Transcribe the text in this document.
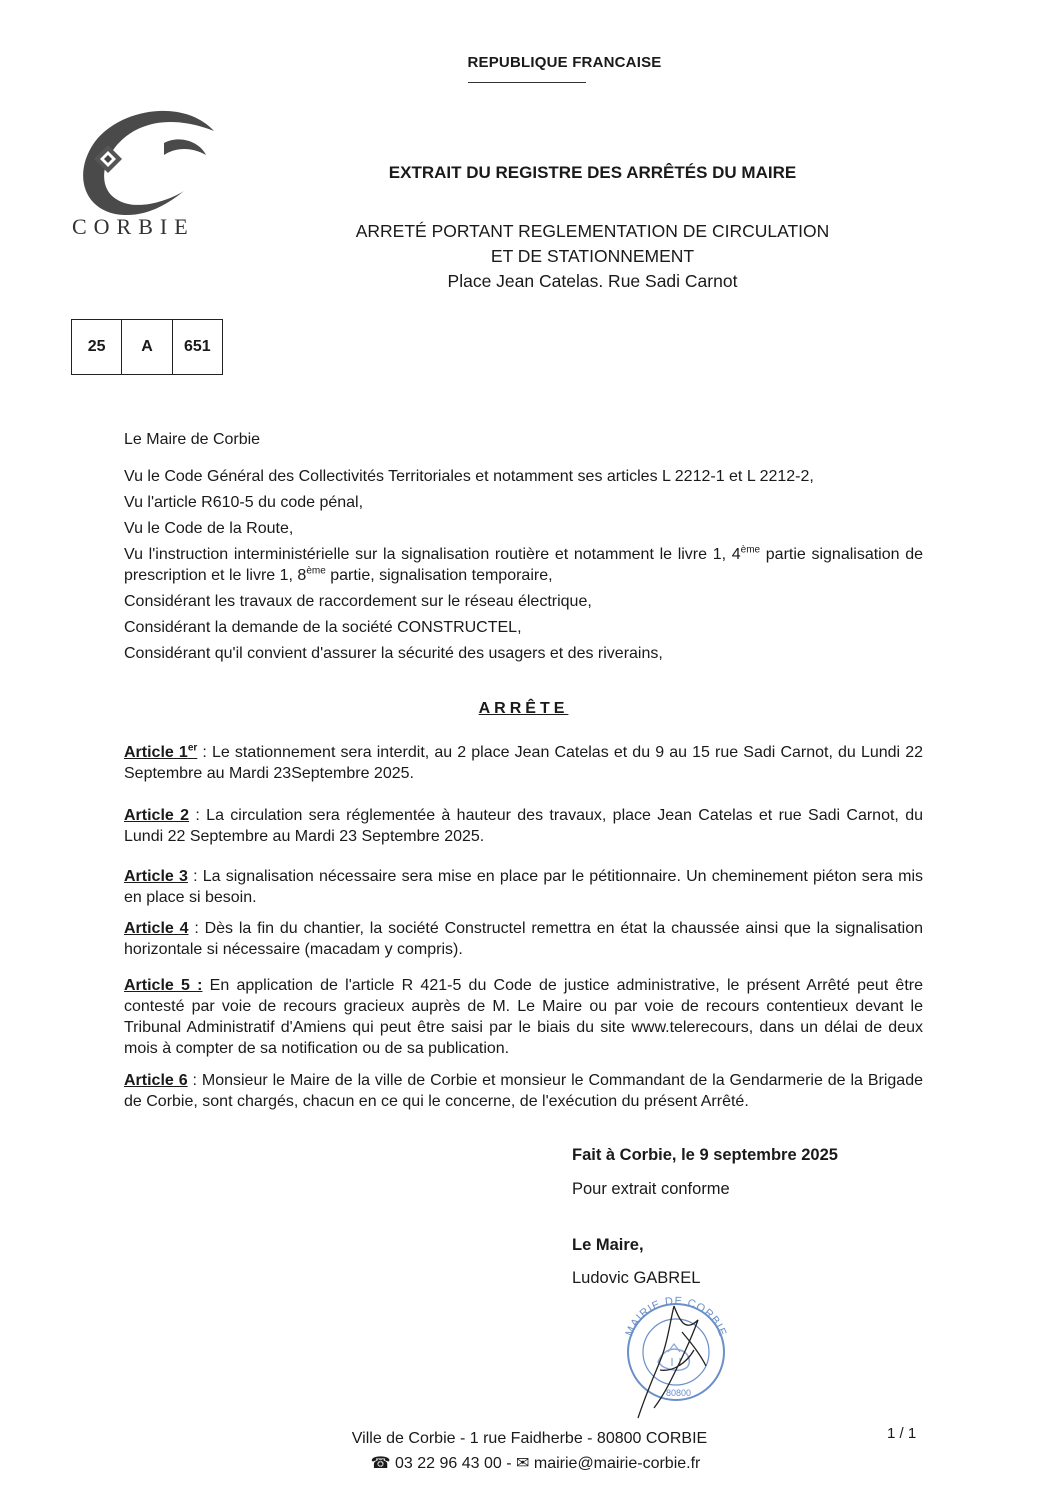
REPUBLIQUE FRANCAISE
CORBIE
EXTRAIT DU REGISTRE DES ARRÊTÉS DU MAIRE
ARRETÉ PORTANT REGLEMENTATION DE CIRCULATION
ET DE STATIONNEMENT
Place Jean Catelas. Rue Sadi Carnot
25	A	651

Le Maire de Corbie

Vu le Code Général des Collectivités Territoriales et notamment ses articles L 2212-1 et L 2212-2,

Vu l'article R610-5 du code pénal,

Vu le Code de la Route,

Vu l'instruction interministérielle sur la signalisation routière et notamment le livre 1, 4ème partie signalisation de prescription et le livre 1, 8ème partie, signalisation temporaire,

Considérant les travaux de raccordement sur le réseau électrique,

Considérant la demande de la société CONSTRUCTEL,

Considérant qu'il convient d'assurer la sécurité des usagers et des riverains,

ARRÊTE
Article 1er : Le stationnement sera interdit, au 2 place Jean Catelas et du 9 au 15 rue Sadi Carnot, du Lundi 22 Septembre au Mardi 23Septembre 2025.
Article 2 : La circulation sera réglementée à hauteur des travaux, place Jean Catelas et rue Sadi Carnot, du Lundi 22 Septembre au Mardi 23 Septembre 2025.
Article 3 : La signalisation nécessaire sera mise en place par le pétitionnaire. Un cheminement piéton sera mis en place si besoin.
Article 4 : Dès la fin du chantier, la société Constructel remettra en état la chaussée ainsi que la signalisation horizontale si nécessaire (macadam y compris).
Article 5 : En application de l'article R 421-5 du Code de justice administrative, le présent Arrêté peut être contesté par voie de recours gracieux auprès de M. Le Maire ou par voie de recours contentieux devant le Tribunal Administratif d'Amiens qui peut être saisi par le biais du site www.telerecours, dans un délai de deux mois à compter de sa notification ou de sa publication.
Article 6 : Monsieur le Maire de la ville de Corbie et monsieur le Commandant de la Gendarmerie de la Brigade de Corbie, sont chargés, chacun en ce qui le concerne, de l'exécution du présent Arrêté.
Fait à Corbie, le 9 septembre 2025
Pour extrait conforme
Le Maire,
Ludovic GABREL
MAIRIE DE CORBIE
80800
Ville de Corbie - 1 rue Faidherbe - 80800 CORBIE
☎ 03 22 96 43 00 - ✉ mairie@mairie-corbie.fr
1 / 1
